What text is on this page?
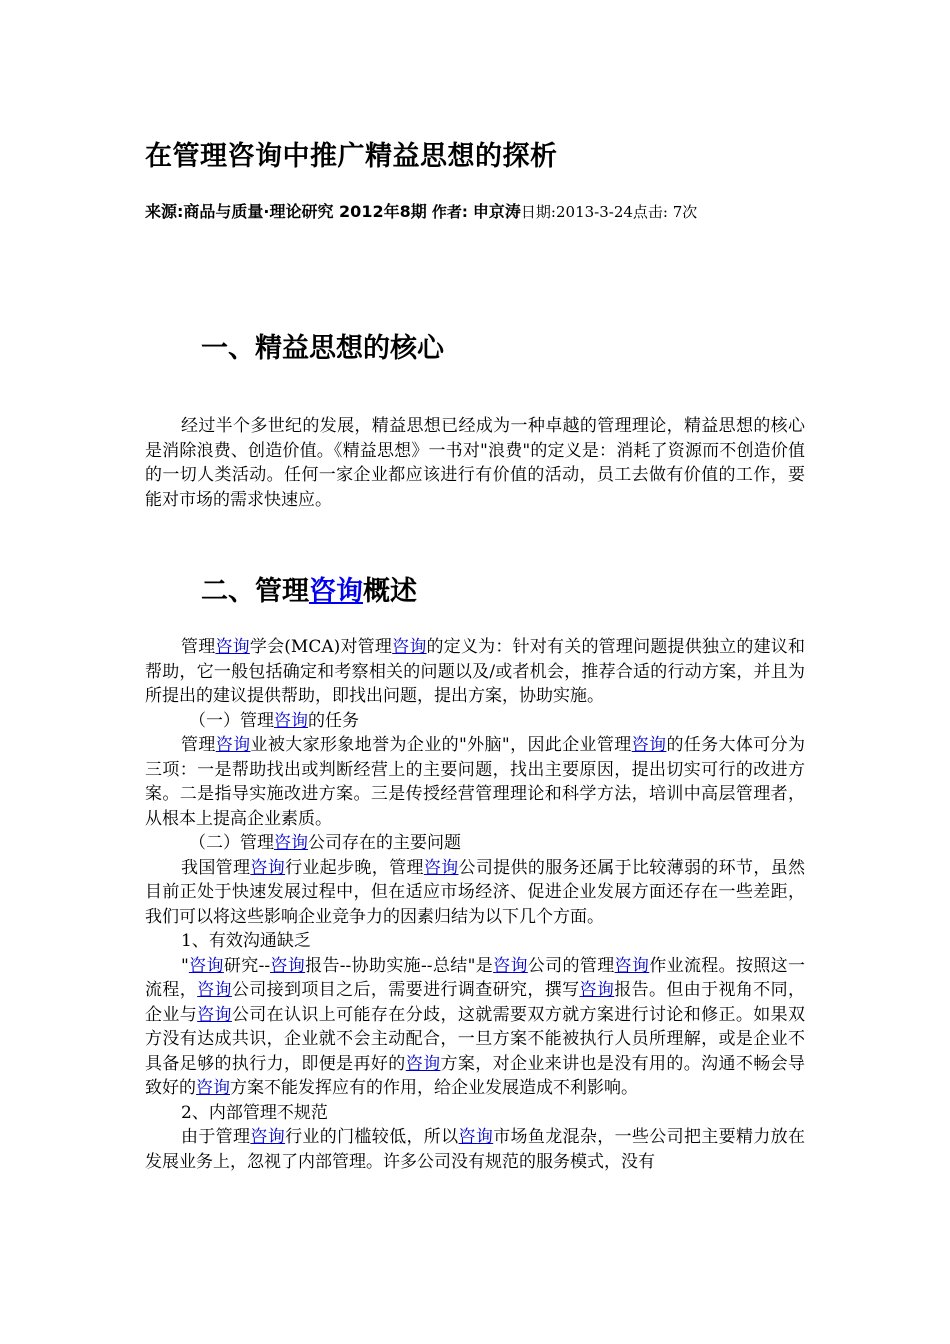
在管理咨询中推广精益思想的探析
来源:商品与质量·理论研究 2012年8期 作者: 申京涛日期:2013-3-24点击: 7次
一、精益思想的核心

经过半个多世纪的发展，精益思想已经成为一种卓越的管理理论，精益思想的核心是消除浪费、创造价值。《精益思想》一书对"浪费"的定义是：消耗了资源而不创造价值的一切人类活动。任何一家企业都应该进行有价值的活动，员工去做有价值的工作，要能对市场的需求快速应。

二、管理咨询概述

管理咨询学会(MCA)对管理咨询的定义为：针对有关的管理问题提供独立的建议和帮助，它一般包括确定和考察相关的问题以及/或者机会，推荐合适的行动方案，并且为所提出的建议提供帮助，即找出问题，提出方案，协助实施。

（一）管理咨询的任务

管理咨询业被大家形象地誉为企业的"外脑"，因此企业管理咨询的任务大体可分为三项：一是帮助找出或判断经营上的主要问题，找出主要原因，提出切实可行的改进方案。二是指导实施改进方案。三是传授经营管理理论和科学方法，培训中高层管理者，从根本上提高企业素质。

（二）管理咨询公司存在的主要问题

我国管理咨询行业起步晚，管理咨询公司提供的服务还属于比较薄弱的环节，虽然目前正处于快速发展过程中，但在适应市场经济、促进企业发展方面还存在一些差距，我们可以将这些影响企业竞争力的因素归结为以下几个方面。

1、有效沟通缺乏

"咨询研究--咨询报告--协助实施--总结"是咨询公司的管理咨询作业流程。按照这一流程，咨询公司接到项目之后，需要进行调查研究，撰写咨询报告。但由于视角不同，企业与咨询公司在认识上可能存在分歧，这就需要双方就方案进行讨论和修正。如果双方没有达成共识，企业就不会主动配合，一旦方案不能被执行人员所理解，或是企业不具备足够的执行力，即便是再好的咨询方案，对企业来讲也是没有用的。沟通不畅会导致好的咨询方案不能发挥应有的作用，给企业发展造成不利影响。

2、内部管理不规范

由于管理咨询行业的门槛较低，所以咨询市场鱼龙混杂，一些公司把主要精力放在发展业务上，忽视了内部管理。许多公司没有规范的服务模式，没有
